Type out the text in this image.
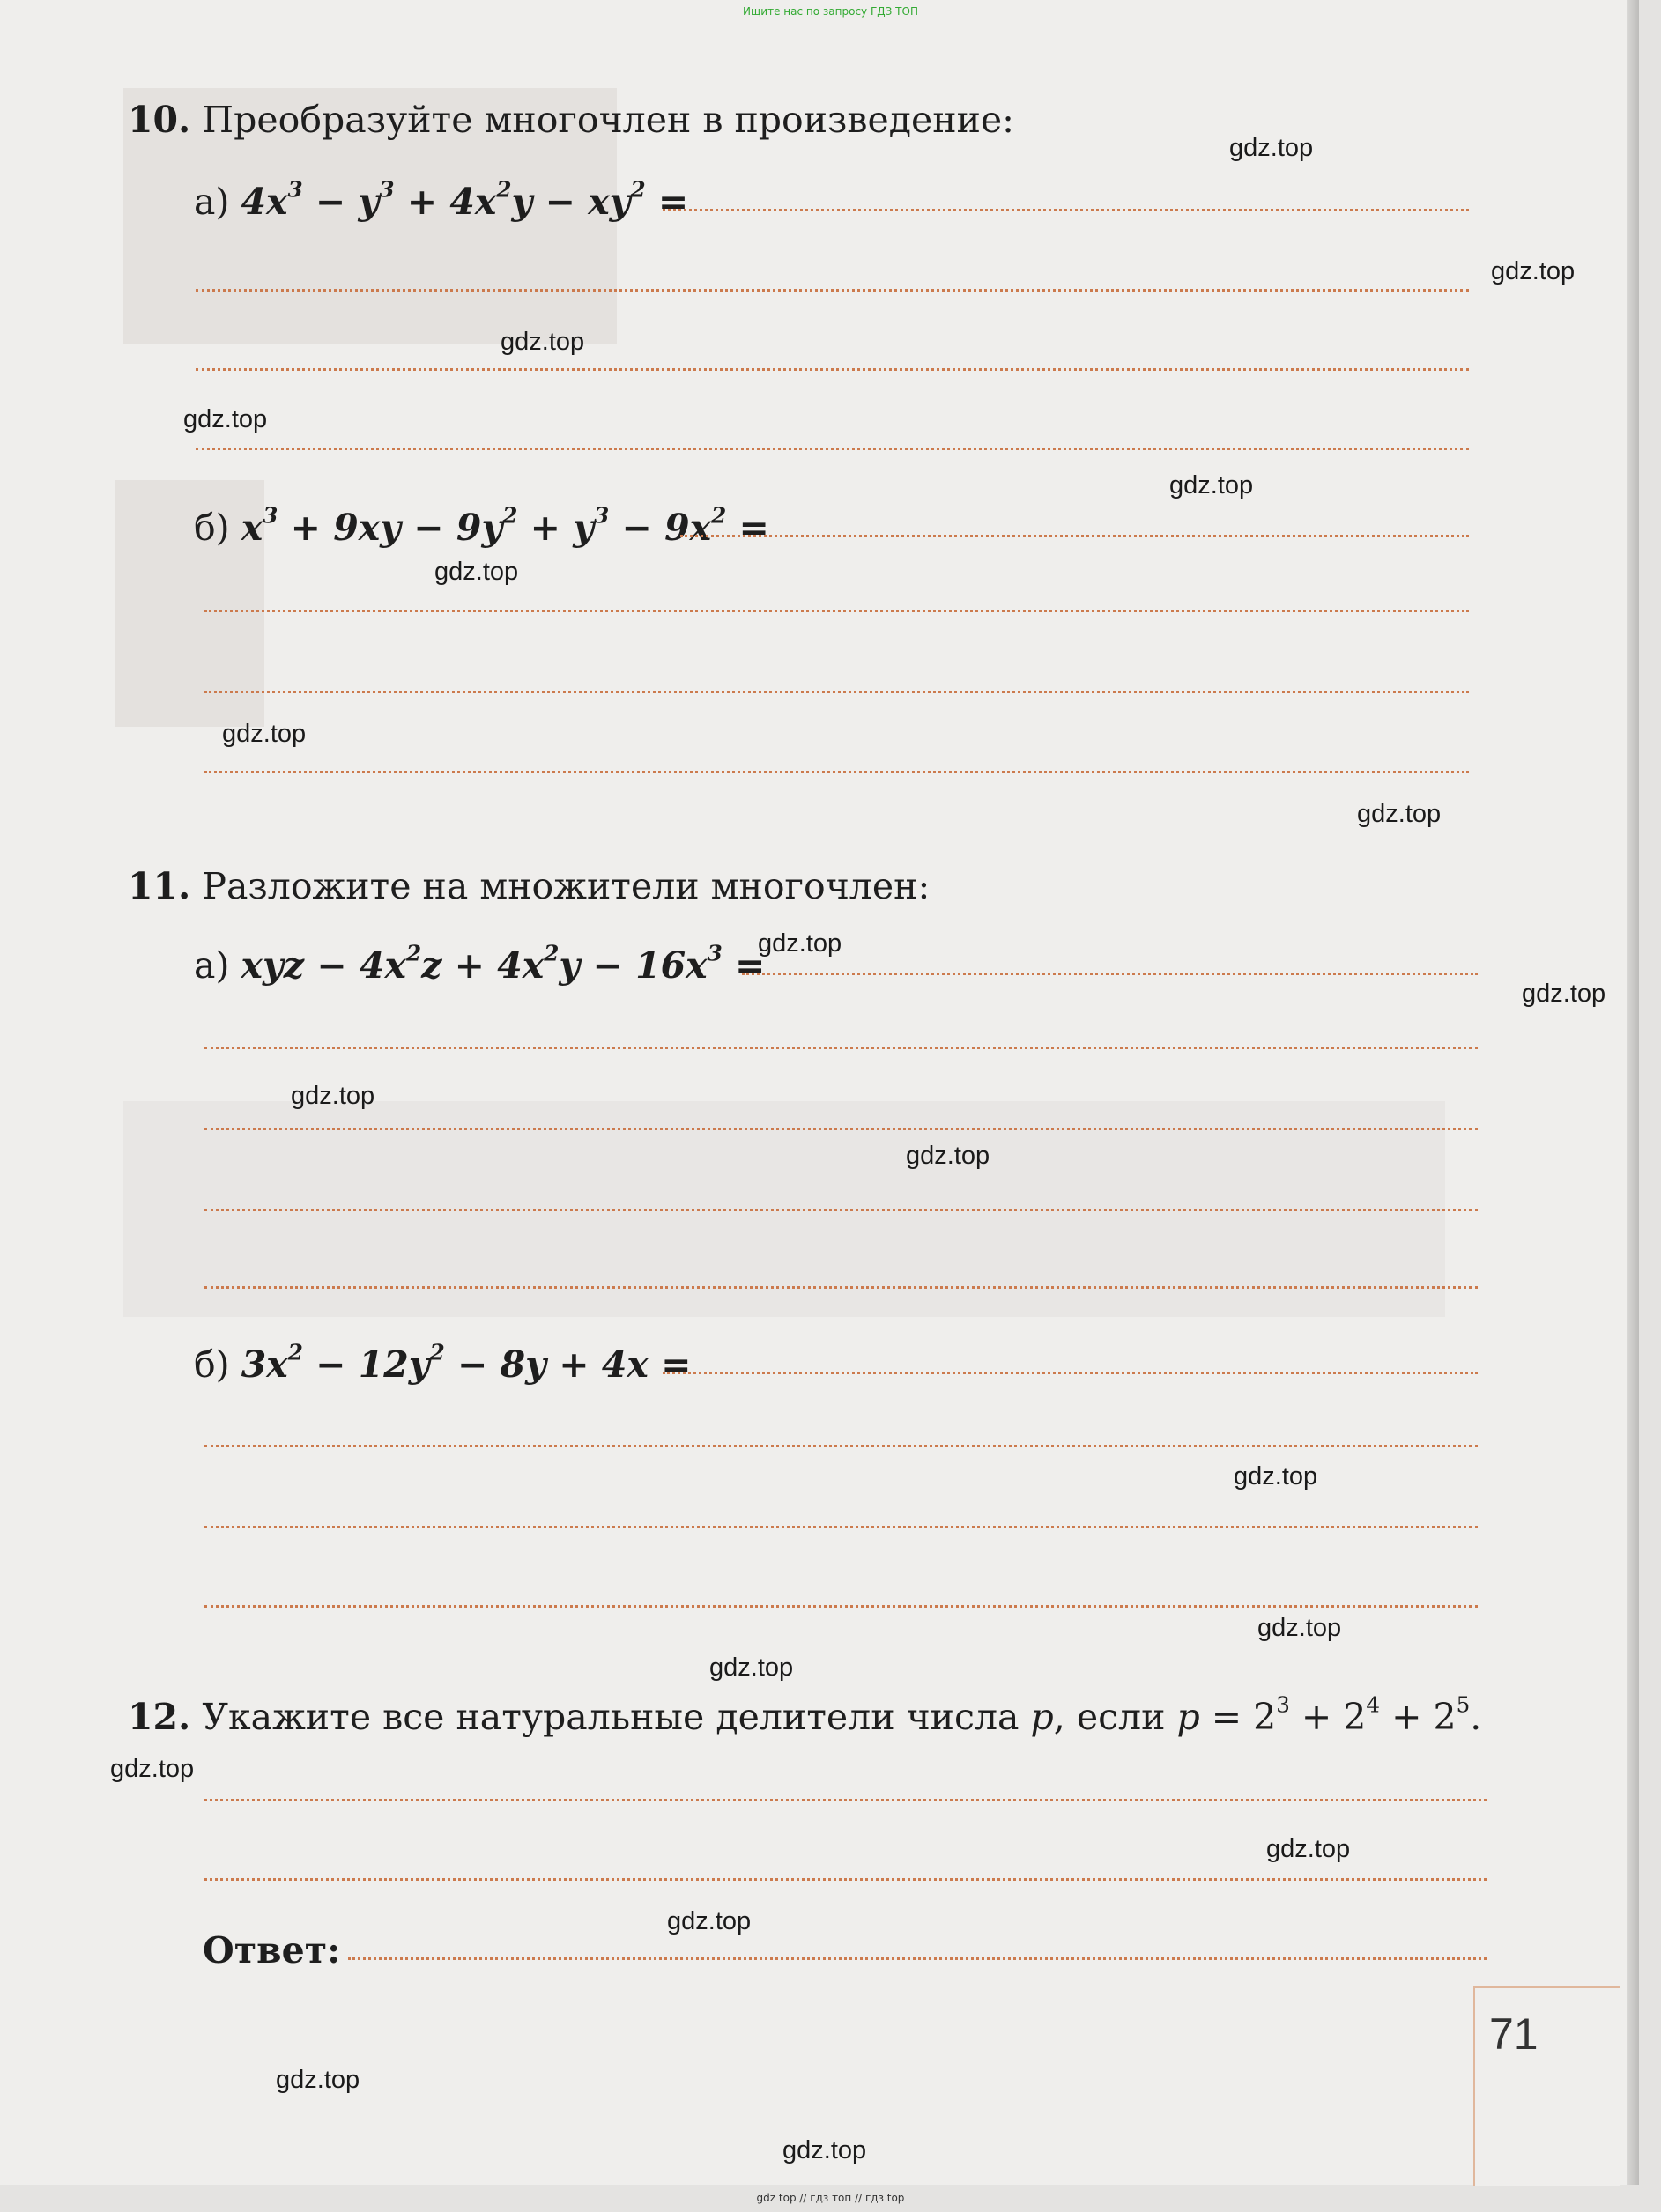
Ищите нас по запросу ГДЗ ТОП
10. Преобразуйте многочлен в произведение:
а) $4x^3 - y^3 + 4x^2y - xy^2$ =
б) $x^3 + 9xy - 9y^2 + y^3 - 9x^2$ =
11. Разложите на множители многочлен:
а) xyz − $4x^2z + 4x^2y - 16x^3$ =
б) $3x^2 - 12y^2 - 8y + 4x$ =
12. Укажите все натуральные делители числа p, если $p = 2^3 + 2^4 + 2^5$.
Ответ:
71
gdz.top
gdz.top
gdz.top
gdz.top
gdz.top
gdz.top
gdz.top
gdz.top
gdz.top
gdz.top
gdz.top
gdz.top
gdz.top
gdz.top
gdz.top
gdz.top
gdz.top
gdz.top
gdz.top
gdz.top
gdz top // гдз топ // гдз top
